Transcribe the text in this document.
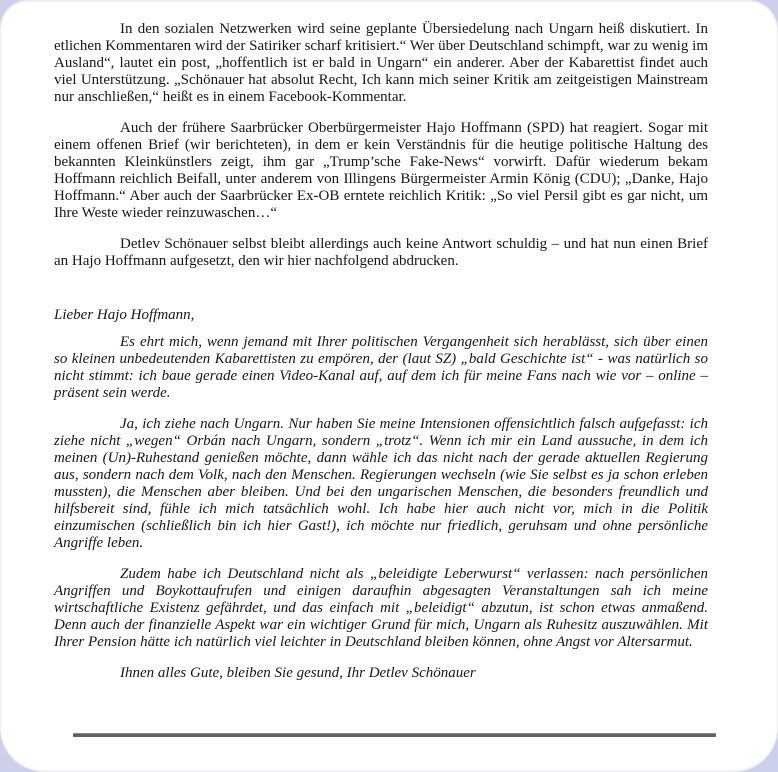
In den sozialen Netzwerken wird seine geplante Übersiedelung nach Ungarn heiß diskutiert. In etlichen Kommentaren wird der Satiriker scharf kritisiert.“ Wer über Deutschland schimpft, war zu wenig im Ausland“, lautet ein post, „hoffentlich ist er bald in Ungarn“ ein anderer. Aber der Kabarettist findet auch viel Unterstützung. „Schönauer hat absolut Recht, Ich kann mich seiner Kritik am zeitgeistigen Mainstream nur anschließen,“ heißt es in einem Facebook-Kommentar.

Auch der frühere Saarbrücker Oberbürgermeister Hajo Hoffmann (SPD) hat reagiert. Sogar mit einem offenen Brief (wir berichteten), in dem er kein Verständnis für die heutige politische Haltung des bekannten Kleinkünstlers zeigt, ihm gar „Trump’sche Fake-News“ vorwirft. Dafür wiederum bekam Hoffmann reichlich Beifall, unter anderem von Illingens Bürgermeister Armin König (CDU); „Danke, Hajo Hoffmann.“ Aber auch der Saarbrücker Ex-OB erntete reichlich Kritik: „So viel Persil gibt es gar nicht, um Ihre Weste wieder reinzuwaschen…“

Detlev Schönauer selbst bleibt allerdings auch keine Antwort schuldig – und hat nun einen Brief an Hajo Hoffmann aufgesetzt, den wir hier nachfolgend abdrucken.

Lieber Hajo Hoffmann,

Es ehrt mich, wenn jemand mit Ihrer politischen Vergangenheit sich herablässt, sich über einen so kleinen unbedeutenden Kabarettisten zu empören, der (laut SZ) „bald Geschichte ist“ - was natürlich so nicht stimmt: ich baue gerade einen Video-Kanal auf, auf dem ich für meine Fans nach wie vor – online – präsent sein werde.

Ja, ich ziehe nach Ungarn. Nur haben Sie meine Intensionen offensichtlich falsch aufgefasst: ich ziehe nicht „wegen“ Orbán nach Ungarn, sondern „trotz“. Wenn ich mir ein Land aussuche, in dem ich meinen (Un)-Ruhestand genießen möchte, dann wähle ich das nicht nach der gerade aktuellen Regierung aus, sondern nach dem Volk, nach den Menschen. Regierungen wechseln (wie Sie selbst es ja schon erleben mussten), die Menschen aber bleiben. Und bei den ungarischen Menschen, die besonders freundlich und hilfsbereit sind, fühle ich mich tatsächlich wohl. Ich habe hier auch nicht vor, mich in die Politik einzumischen (schließlich bin ich hier Gast!), ich möchte nur friedlich, geruhsam und ohne persönliche Angriffe leben.

Zudem habe ich Deutschland nicht als „beleidigte Leberwurst“ verlassen: nach persönlichen Angriffen und Boykottaufrufen und einigen daraufhin abgesagten Veranstaltungen sah ich meine wirtschaftliche Existenz gefährdet, und das einfach mit „beleidigt“ abzutun, ist schon etwas anmaßend. Denn auch der finanzielle Aspekt war ein wichtiger Grund für mich, Ungarn als Ruhesitz auszuwählen. Mit Ihrer Pension hätte ich natürlich viel leichter in Deutschland bleiben können, ohne Angst vor Altersarmut.

Ihnen alles Gute, bleiben Sie gesund, Ihr Detlev Schönauer
